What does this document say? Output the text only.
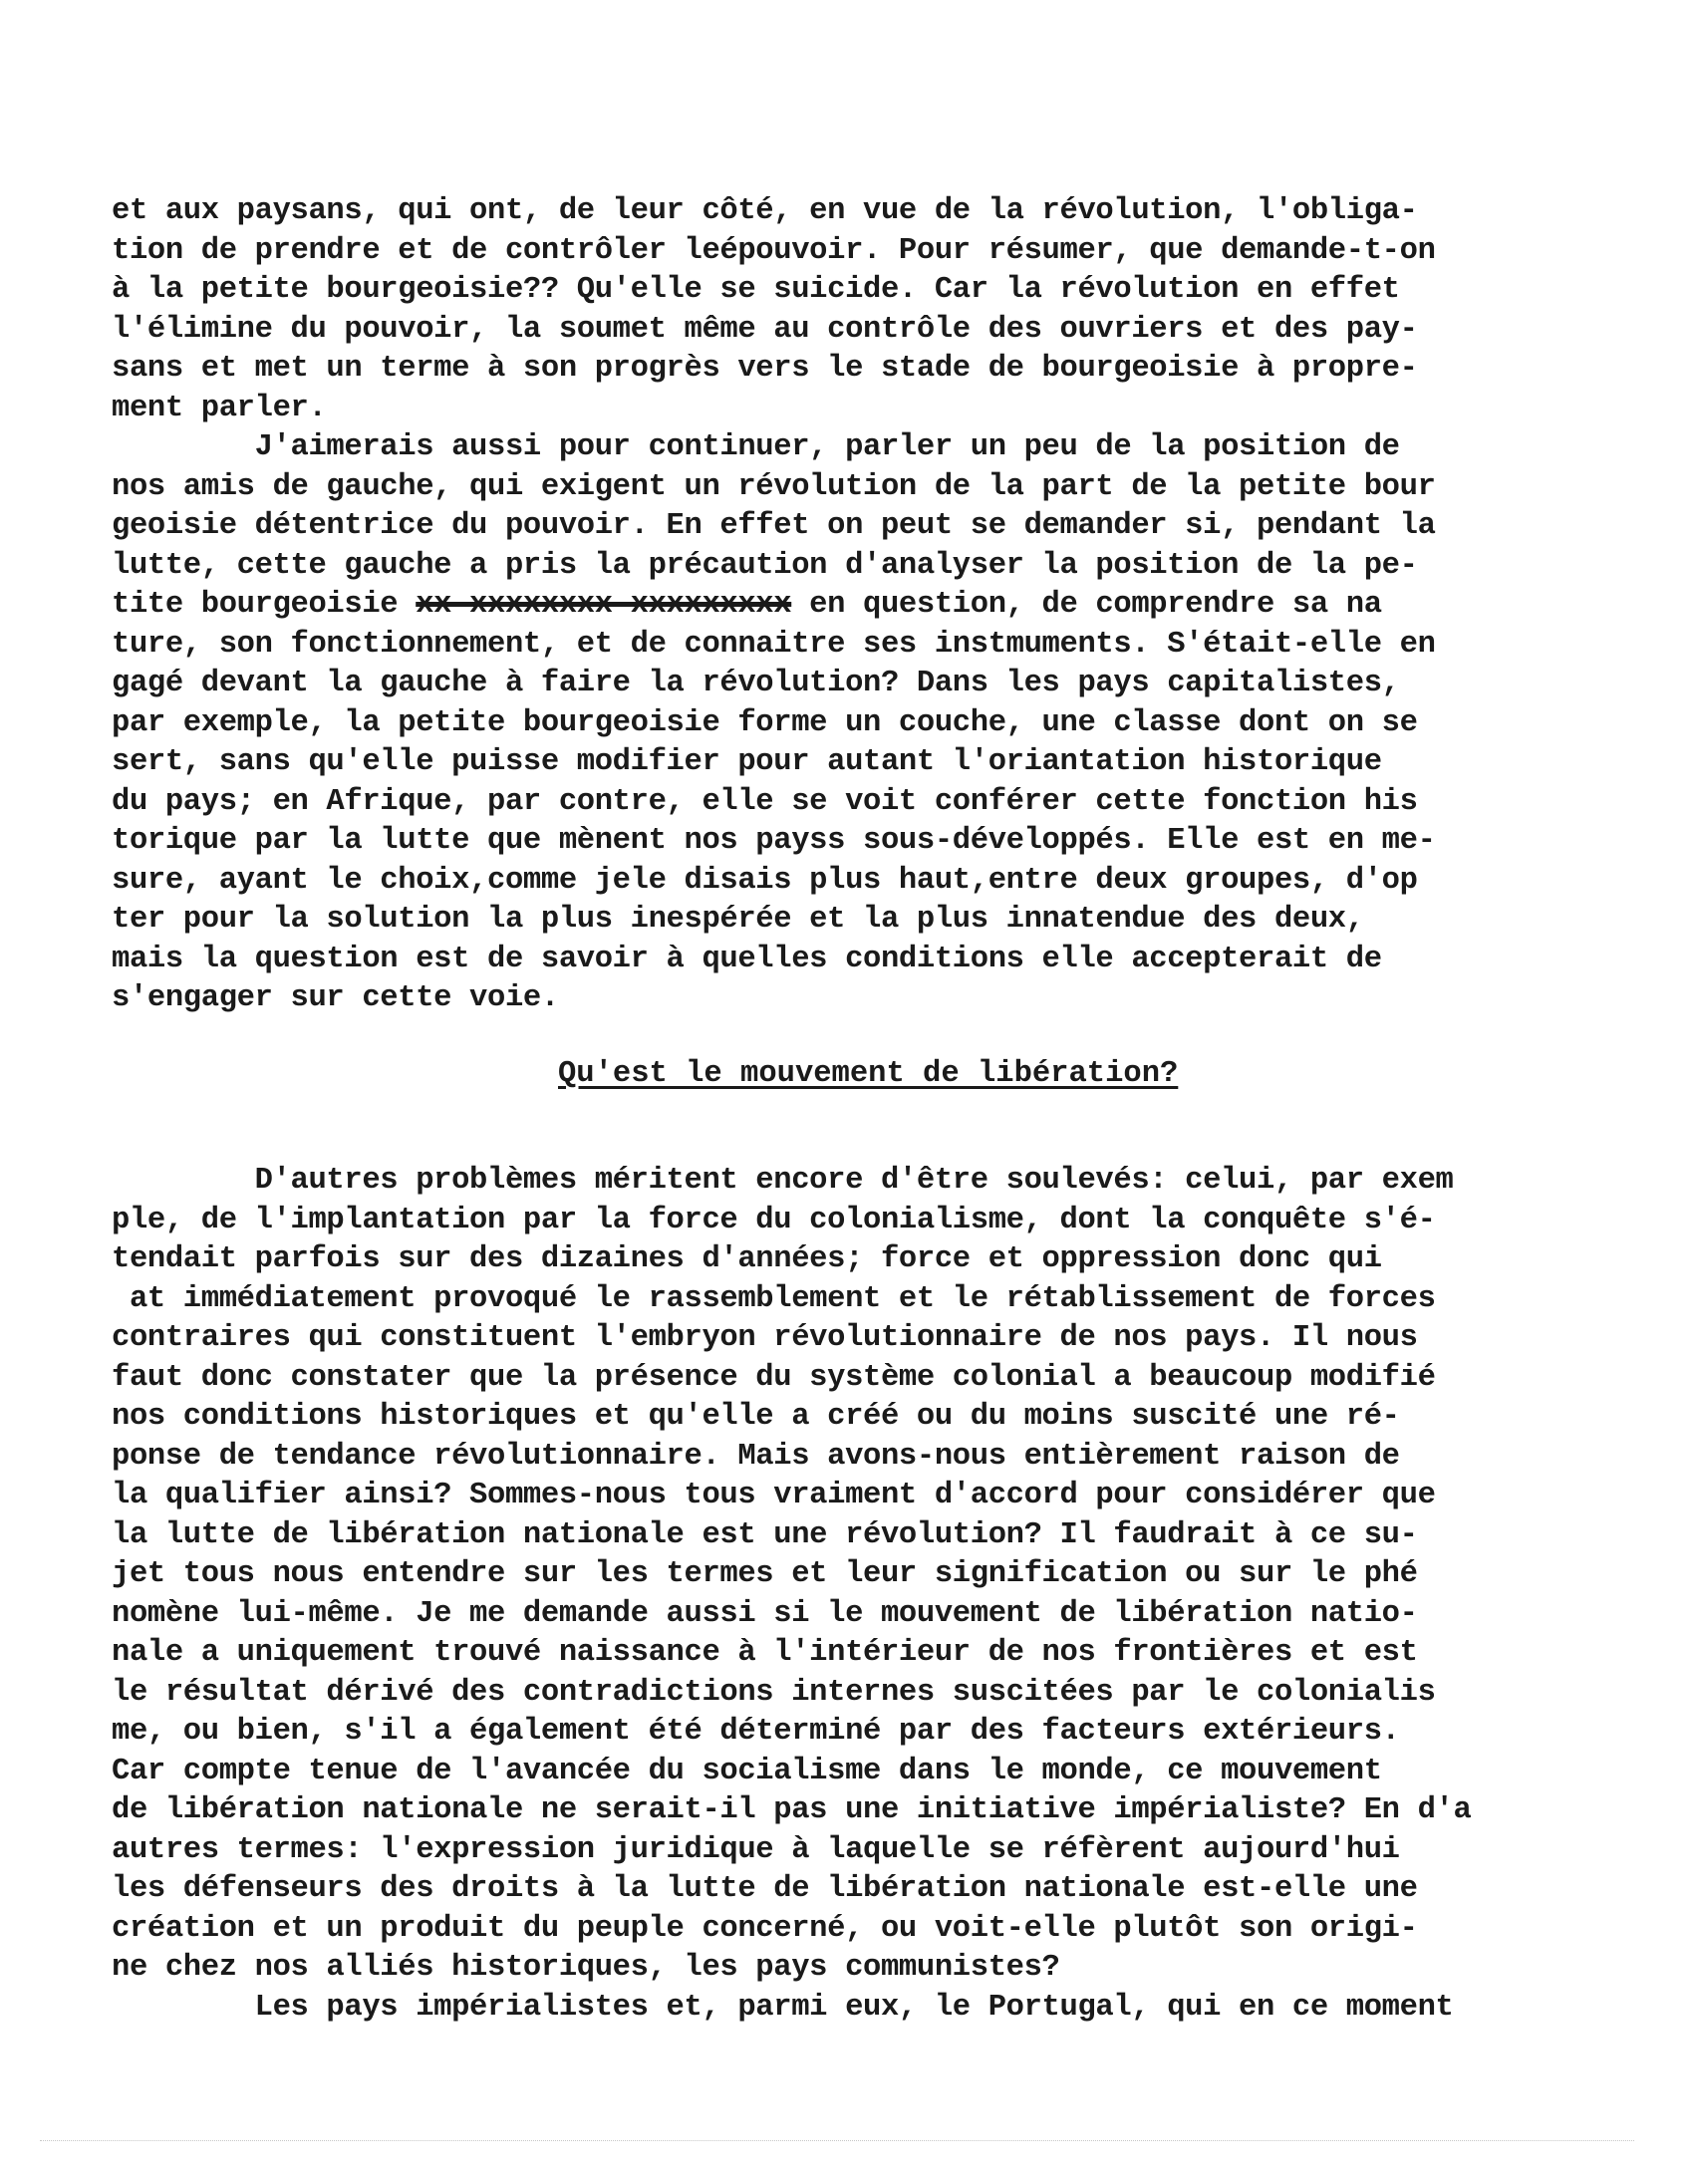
et aux paysans, qui ont, de leur côté, en vue de la révolution, l'obliga-
tion de prendre et de contrôler leépouvoir. Pour résumer, que demande-t-on
à la petite bourgeoisie?? Qu'elle se suicide. Car la révolution en effet
l'élimine du pouvoir, la soumet même au contrôle des ouvriers et des pay-
sans et met un terme à son progrès vers le stade de bourgeoisie à propre-
ment parler.
J'aimerais aussi pour continuer, parler un peu de la position de
nos amis de gauche, qui exigent un révolution de la part de la petite bour
geoisie détentrice du pouvoir. En effet on peut se demander si, pendant la
lutte, cette gauche a pris la précaution d'analyser la position de la pe-
tite bourgeoisie xx xxxxxxxx xxxxxxxxx en question, de comprendre sa na
ture, son fonctionnement, et de connaitre ses instmuments. S'était-elle en
gagé devant la gauche à faire la révolution? Dans les pays capitalistes,
par exemple, la petite bourgeoisie forme un couche, une classe dont on se
sert, sans qu'elle puisse modifier pour autant l'oriantation historique
du pays; en Afrique, par contre, elle se voit conférer cette fonction his
torique par la lutte que mènent nos payss sous-développés. Elle est en me-
sure, ayant le choix,comme jele disais plus haut,entre deux groupes, d'op
ter pour la solution la plus inespérée et la plus innatendue des deux,
mais la question est de savoir à quelles conditions elle accepterait de
s'engager sur cette voie.
Qu'est le mouvement de libération?
D'autres problèmes méritent encore d'être soulevés: celui, par exem
ple, de l'implantation par la force du colonialisme, dont la conquête s'é-
tendait parfois sur des dizaines d'années; force et oppression donc qui
at immédiatement provoqué le rassemblement et le rétablissement de forces
contraires qui constituent l'embryon révolutionnaire de nos pays. Il nous
faut donc constater que la présence du système colonial a beaucoup modifié
nos conditions historiques et qu'elle a créé ou du moins suscité une ré-
ponse de tendance révolutionnaire. Mais avons-nous entièrement raison de
la qualifier ainsi? Sommes-nous tous vraiment d'accord pour considérer que
la lutte de libération nationale est une révolution? Il faudrait à ce su-
jet tous nous entendre sur les termes et leur signification ou sur le phé
nomène lui-même. Je me demande aussi si le mouvement de libération natio-
nale a uniquement trouvé naissance à l'intérieur de nos frontières et est
le résultat dérivé des contradictions internes suscitées par le colonialis
me, ou bien, s'il a également été déterminé par des facteurs extérieurs.
Car compte tenue de l'avancée du socialisme dans le monde, ce mouvement
de libération nationale ne serait-il pas une initiative impérialiste? En d'a
autres termes: l'expression juridique à laquelle se réfèrent aujourd'hui
les défenseurs des droits à la lutte de libération nationale est-elle une
création et un produit du peuple concerné, ou voit-elle plutôt son origi-
ne chez nos alliés historiques, les pays communistes?
Les pays impérialistes et, parmi eux, le Portugal, qui en ce moment
